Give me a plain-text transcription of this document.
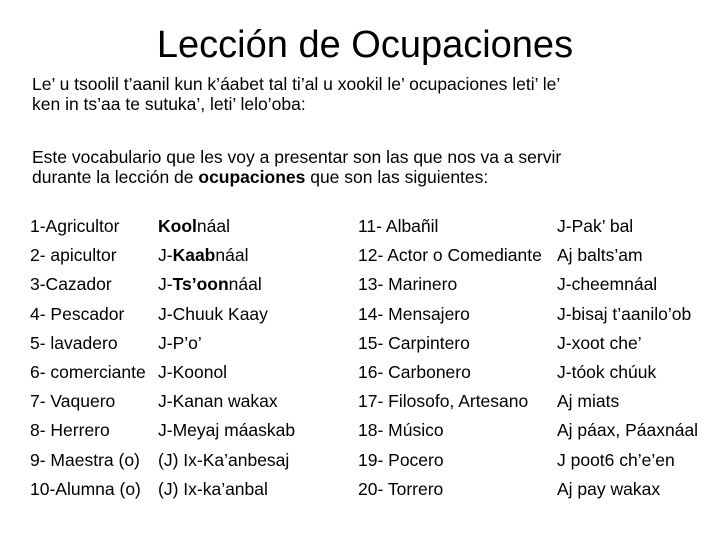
Lección de Ocupaciones
Le’ u tsoolil t’aanil kun k’áabet tal ti’al u xookil le’ ocupaciones leti’ le’
ken in ts’aa te sutuka’, leti’ lelo’oba:
Este vocabulario que les voy a presentar son las que nos va a servir
durante la lección de ocupaciones que son las siguientes:
1-Agricultor
2- apicultor
3-Cazador
4- Pescador
5- lavadero
6- comerciante
7- Vaquero
8- Herrero
9- Maestra (o)
10-Alumna (o)
Koolnáal
J-Kaabnáal
J-Ts’oonnáal
J-Chuuk Kaay
J-P’o’
J-Koonol
J-Kanan wakax
J-Meyaj máaskab
(J) Ix-Ka’anbesaj
(J) Ix-ka’anbal
11- Albañil
12- Actor o Comediante
13- Marinero
14- Mensajero
15- Carpintero
16- Carbonero
17- Filosofo, Artesano
18- Músico
19- Pocero
20- Torrero
J-Pak’ bal
Aj balts’am
J-cheemnáal
J-bisaj t’aanilo’ob
J-xoot che’
J-tóok chúuk
Aj miats
Aj páax, Páaxnáal
J poot6 ch’e’en
Aj pay wakax
